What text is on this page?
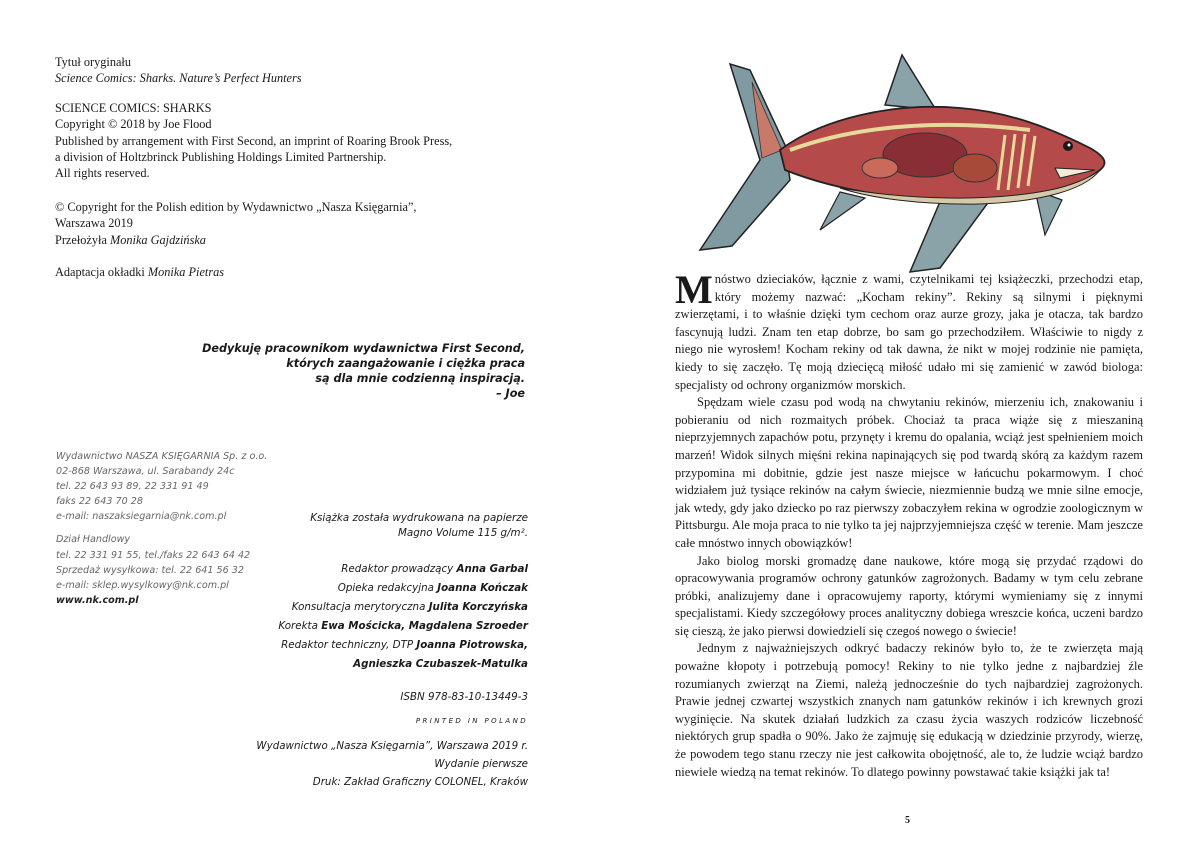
Tytuł oryginału
Science Comics: Sharks. Nature’s Perfect Hunters
SCIENCE COMICS: SHARKS
Copyright © 2018 by Joe Flood
Published by arrangement with First Second, an imprint of Roaring Brook Press,
a division of Holtzbrinck Publishing Holdings Limited Partnership.
All rights reserved.
© Copyright for the Polish edition by Wydawnictwo „Nasza Księgarnia”,
Warszawa 2019
Przełożyła Monika Gajdzińska
Adaptacja okładki Monika Pietras
Dedykuję pracownikom wydawnictwa First Second,
których zaangażowanie i ciężka praca
są dla mnie codzienną inspiracją.
– Joe
Wydawnictwo NASZA KSIĘGARNIA Sp. z o.o.
02-868 Warszawa, ul. Sarabandy 24c
tel. 22 643 93 89, 22 331 91 49
faks 22 643 70 28
e-mail: naszaksiegarnia@nk.com.pl
Dział Handlowy
tel. 22 331 91 55, tel./faks 22 643 64 42
Sprzedaż wysyłkowa: tel. 22 641 56 32
e-mail: sklep.wysylkowy@nk.com.pl
www.nk.com.pl
Książka została wydrukowana na papierze
Magno Volume 115 g/m².
Redaktor prowadzący Anna Garbal
Opieka redakcyjna Joanna Kończak
Konsultacja merytoryczna Julita Korczyńska
Korekta Ewa Mościcka, Magdalena Szroeder
Redaktor techniczny, DTP Joanna Piotrowska,
Agnieszka Czubaszek-Matulka
ISBN 978-83-10-13449-3
PRINTED IN POLAND
Wydawnictwo „Nasza Księgarnia”, Warszawa 2019 r.
Wydanie pierwsze
Druk: Zakład Graficzny COLONEL, Kraków

Mnóstwo dzieciaków, łącznie z wami, czytelnikami tej książeczki, przechodzi etap, który możemy nazwać: „Kocham rekiny”. Rekiny są silnymi i pięknymi zwierzętami, i to właśnie dzięki tym cechom oraz aurze grozy, jaka je otacza, tak bardzo fascynują ludzi. Znam ten etap dobrze, bo sam go przechodziłem. Właściwie to nigdy z niego nie wyrosłem! Kocham rekiny od tak dawna, że nikt w mojej rodzinie nie pamięta, kiedy to się zaczęło. Tę moją dziecięcą miłość udało mi się zamienić w zawód biologa: specjalisty od ochrony organizmów morskich.

Spędzam wiele czasu pod wodą na chwytaniu rekinów, mierzeniu ich, znakowaniu i pobieraniu od nich rozmaitych próbek. Chociaż ta praca wiąże się z mieszaniną nieprzyjemnych zapachów potu, przynęty i kremu do opalania, wciąż jest spełnieniem moich marzeń! Widok silnych mięśni rekina napinających się pod twardą skórą za każdym razem przypomina mi dobitnie, gdzie jest nasze miejsce w łańcuchu pokarmowym. I choć widziałem już tysiące rekinów na całym świecie, niezmiennie budzą we mnie silne emocje, jak wtedy, gdy jako dziecko po raz pierwszy zobaczyłem rekina w ogrodzie zoologicznym w Pittsburgu. Ale moja praca to nie tylko ta jej najprzyjemniejsza część w terenie. Mam jeszcze całe mnóstwo innych obowiązków!

Jako biolog morski gromadzę dane naukowe, które mogą się przydać rządowi do opracowywania programów ochrony gatunków zagrożonych. Badamy w tym celu zebrane próbki, analizujemy dane i opracowujemy raporty, którymi wymieniamy się z innymi specjalistami. Kiedy szczegółowy proces analityczny dobiega wreszcie końca, uczeni bardzo się cieszą, że jako pierwsi dowiedzieli się czegoś nowego o świecie!

Jednym z najważniejszych odkryć badaczy rekinów było to, że te zwierzęta mają poważne kłopoty i potrzebują pomocy! Rekiny to nie tylko jedne z najbardziej źle rozumianych zwierząt na Ziemi, należą jednocześnie do tych najbardziej zagrożonych. Prawie jednej czwartej wszystkich znanych nam gatunków rekinów i ich krewnych grozi wyginięcie. Na skutek działań ludzkich za czasu życia waszych rodziców liczebność niektórych grup spadła o 90%. Jako że zajmuję się edukacją w dziedzinie przyrody, wierzę, że powodem tego stanu rzeczy nie jest całkowita obojętność, ale to, że ludzie wciąż bardzo niewiele wiedzą na temat rekinów. To dlatego powinny powstawać takie książki jak ta!

5
